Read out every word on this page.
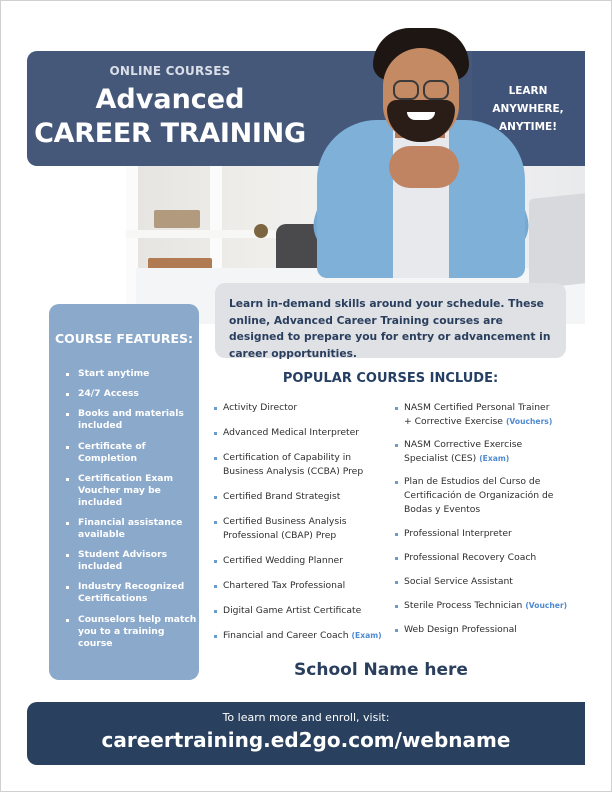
ONLINE COURSES
Advanced
CAREER TRAINING
LEARN
ANYWHERE,
ANYTIME!
Learn in-demand skills around your schedule. These online, Advanced Career Training courses are designed to prepare you for entry or advancement in career opportunities.
COURSE FEATURES:
Start anytime
24/7 Access
Books and materials included
Certificate of Completion
Certification Exam Voucher may be included
Financial assistance available
Student Advisors included
Industry Recognized Certifications
Counselors help match you to a training course
POPULAR COURSES INCLUDE:
Activity Director
Advanced Medical Interpreter
Certification of Capability in Business Analysis (CCBA) Prep
Certified Brand Strategist
Certified Business Analysis Professional (CBAP) Prep
Certified Wedding Planner
Chartered Tax Professional
Digital Game Artist Certificate
Financial and Career Coach (Exam)
NASM Certified Personal Trainer + Corrective Exercise (Vouchers)
NASM Corrective Exercise Specialist (CES) (Exam)
Plan de Estudios del Curso de Certificación de Organización de Bodas y Eventos
Professional Interpreter
Professional Recovery Coach
Social Service Assistant
Sterile Process Technician (Voucher)
Web Design Professional
School Name here
To learn more and enroll, visit:
careertraining.ed2go.com/webname
